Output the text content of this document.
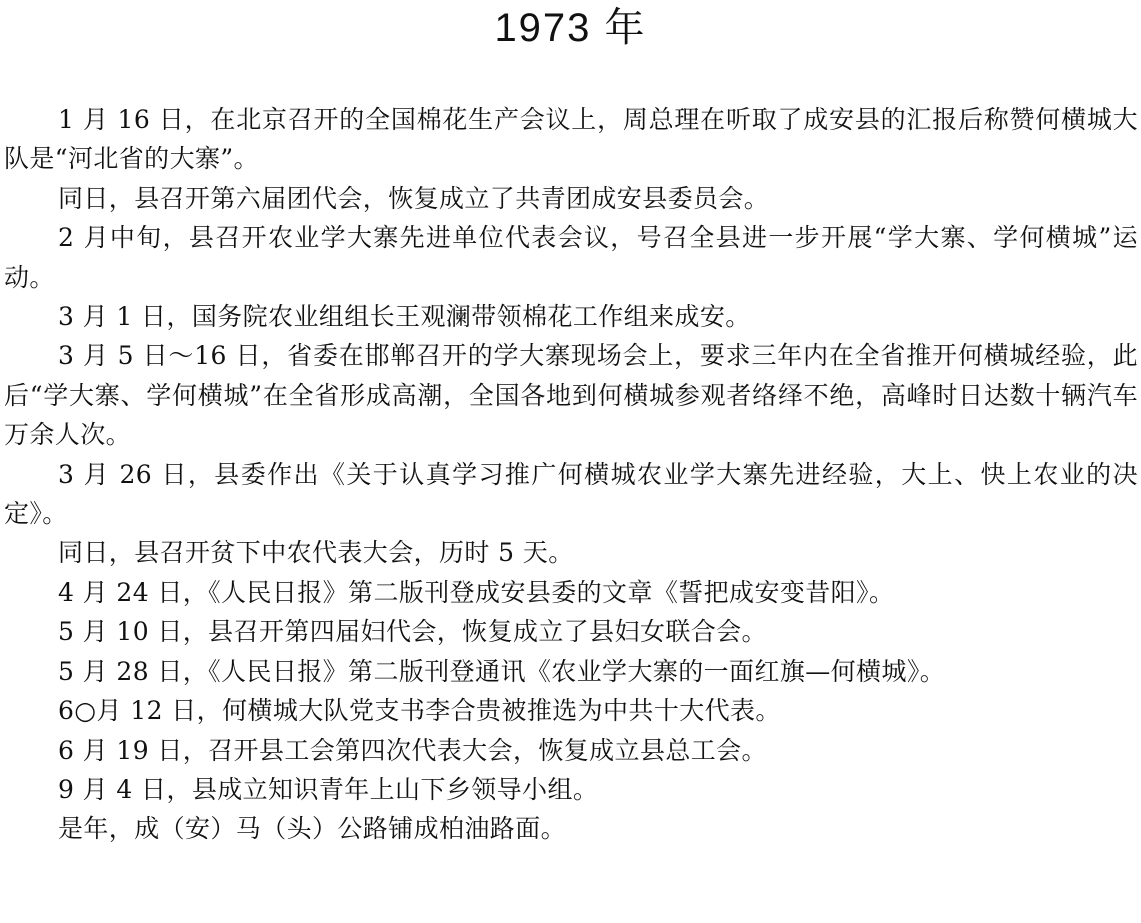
1973 年

1 月 16 日，在北京召开的全国棉花生产会议上，周总理在听取了成安县的汇报后称赞何横城大队是“河北省的大寨”。

同日，县召开第六届团代会，恢复成立了共青团成安县委员会。

2 月中旬，县召开农业学大寨先进单位代表会议，号召全县进一步开展“学大寨、学何横城”运动。

3 月 1 日，国务院农业组组长王观澜带领棉花工作组来成安。

3 月 5 日～16 日，省委在邯郸召开的学大寨现场会上，要求三年内在全省推开何横城经验，此后“学大寨、学何横城”在全省形成高潮，全国各地到何横城参观者络绎不绝，高峰时日达数十辆汽车万余人次。

3 月 26 日，县委作出《关于认真学习推广何横城农业学大寨先进经验，大上、快上农业的决定》。

同日，县召开贫下中农代表大会，历时 5 天。

4 月 24 日，《人民日报》第二版刊登成安县委的文章《誓把成安变昔阳》。

5 月 10 日，县召开第四届妇代会，恢复成立了县妇女联合会。

5 月 28 日，《人民日报》第二版刊登通讯《农业学大寨的一面红旗—何横城》。

6○月 12 日，何横城大队党支书李合贵被推选为中共十大代表。

6 月 19 日，召开县工会第四次代表大会，恢复成立县总工会。

9 月 4 日，县成立知识青年上山下乡领导小组。

是年，成（安）马（头）公路铺成柏油路面。
